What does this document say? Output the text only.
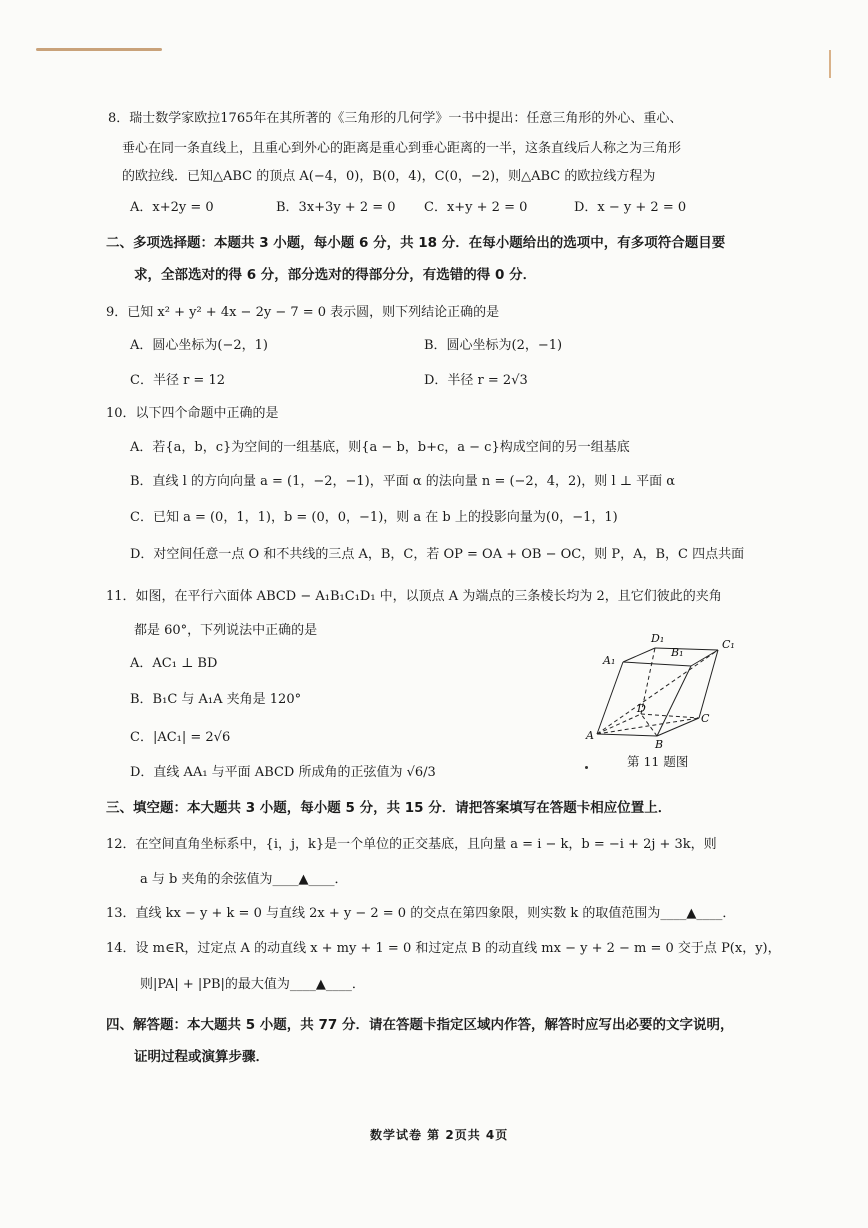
8．瑞士数学家欧拉1765年在其所著的《三角形的几何学》一书中提出：任意三角形的外心、重心、
垂心在同一条直线上，且重心到外心的距离是重心到垂心距离的一半，这条直线后人称之为三角形
的欧拉线．已知△ABC 的顶点 A(−4，0)，B(0，4)，C(0，−2)，则△ABC 的欧拉线方程为
A．x+2y = 0	B．3x+3y + 2 = 0 C．x+y + 2 = 0	D．x − y + 2 = 0
二、多项选择题：本题共 3 小题，每小题 6 分，共 18 分．在每小题给出的选项中，有多项符合题目要
求，全部选对的得 6 分，部分选对的得部分分，有选错的得 0 分．
9．已知 x² + y² + 4x − 2y − 7 = 0 表示圆，则下列结论正确的是
A．圆心坐标为(−2，1)	B．圆心坐标为(2，−1)
C．半径 r = 12	D．半径 r = 2√3
10．以下四个命题中正确的是
A．若{a，b，c}为空间的一组基底，则{a − b，b+c，a − c}构成空间的另一组基底
B．直线 l 的方向向量 a = (1，−2，−1)，平面 α 的法向量 n = (−2，4，2)，则 l ⊥ 平面 α
C．已知 a = (0，1，1)，b = (0，0，−1)，则 a 在 b 上的投影向量为(0，−1，1)
D．对空间任意一点 O 和不共线的三点 A，B，C，若 OP = OA + OB − OC，则 P，A，B，C 四点共面
11．如图，在平行六面体 ABCD − A₁B₁C₁D₁ 中，以顶点 A 为端点的三条棱长均为 2，且它们彼此的夹角
都是 60°，下列说法中正确的是
A．AC₁ ⊥ BD
B．B₁C 与 A₁A 夹角是 120°
C．|AC₁| = 2√6
D．直线 AA₁ 与平面 ABCD 所成角的正弦值为 √6/3
D₁	C₁
A₁
B₁
D
C
A
B
第 11 题图
三、填空题：本大题共 3 小题，每小题 5 分，共 15 分．请把答案填写在答题卡相应位置上．
12．在空间直角坐标系中，{i，j，k}是一个单位的正交基底，且向量 a = i − k，b = −i + 2j + 3k，则
a 与 b 夹角的余弦值为____▲____．
13．直线 kx − y + k = 0 与直线 2x + y − 2 = 0 的交点在第四象限，则实数 k 的取值范围为____▲____．
14．设 m∈R，过定点 A 的动直线 x + my + 1 = 0 和过定点 B 的动直线 mx − y + 2 − m = 0 交于点 P(x，y)，
则|PA| + |PB|的最大值为____▲____．
四、解答题：本大题共 5 小题，共 77 分．请在答题卡指定区域内作答，解答时应写出必要的文字说明，
证明过程或演算步骤．
数学试卷 第 2页共 4页
